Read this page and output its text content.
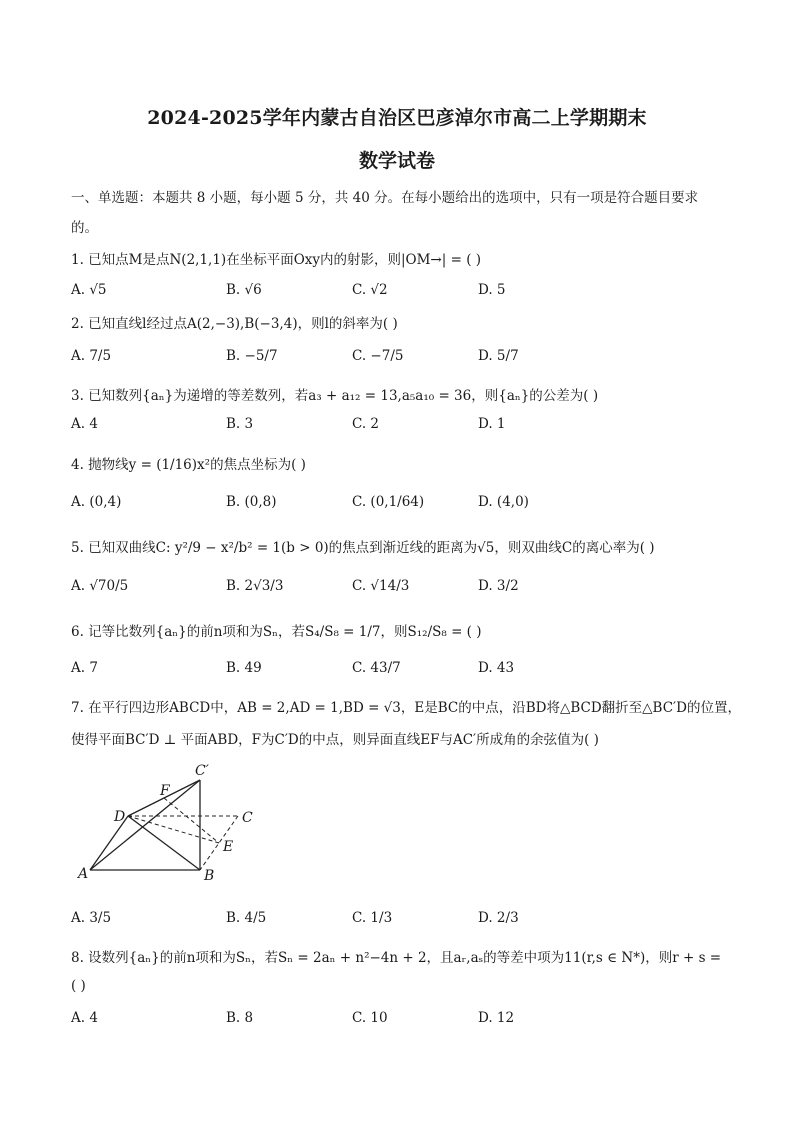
2024-2025学年内蒙古自治区巴彦淖尔市高二上学期期末
数学试卷
一、单选题：本题共 8 小题，每小题 5 分，共 40 分。在每小题给出的选项中，只有一项是符合题目要求
的。
1. 已知点M是点N(2,1,1)在坐标平面Oxy内的射影，则|OM→| = ( )
A. √5	B. √6	C. √2	D. 5
2. 已知直线l经过点A(2,−3),B(−3,4)，则l的斜率为( )
A. 7/5	B. −5/7	C. −7/5	D. 5/7
3. 已知数列{aₙ}为递增的等差数列，若a₃ + a₁₂ = 13,a₅a₁₀ = 36，则{aₙ}的公差为( )
A. 4	B. 3	C. 2	D. 1
4. 抛物线y = (1/16)x²的焦点坐标为( )
A. (0,4)	B. (0,8)	C. (0,1/64)	D. (4,0)
5. 已知双曲线C: y²/9 − x²/b² = 1(b > 0)的焦点到渐近线的距离为√5，则双曲线C的离心率为( )
A. √70/5	B. 2√3/3	C. √14/3	D. 3/2
6. 记等比数列{aₙ}的前n项和为Sₙ，若S₄/S₈ = 1/7，则S₁₂/S₈ = ( )
A. 7	B. 49	C. 43/7	D. 43
7. 在平行四边形ABCD中，AB = 2,AD = 1,BD = √3，E是BC的中点，沿BD将△BCD翻折至△BC′D的位置，
使得平面BC′D ⊥ 平面ABD，F为C′D的中点，则异面直线EF与AC′所成角的余弦值为( )
C′
F
D	C
E
A	B
A. 3/5	B. 4/5	C. 1/3	D. 2/3
8. 设数列{aₙ}的前n项和为Sₙ，若Sₙ = 2aₙ + n²−4n + 2，且aᵣ,aₛ的等差中项为11(r,s ∈ N*)，则r + s =
( )
A. 4	B. 8	C. 10	D. 12
